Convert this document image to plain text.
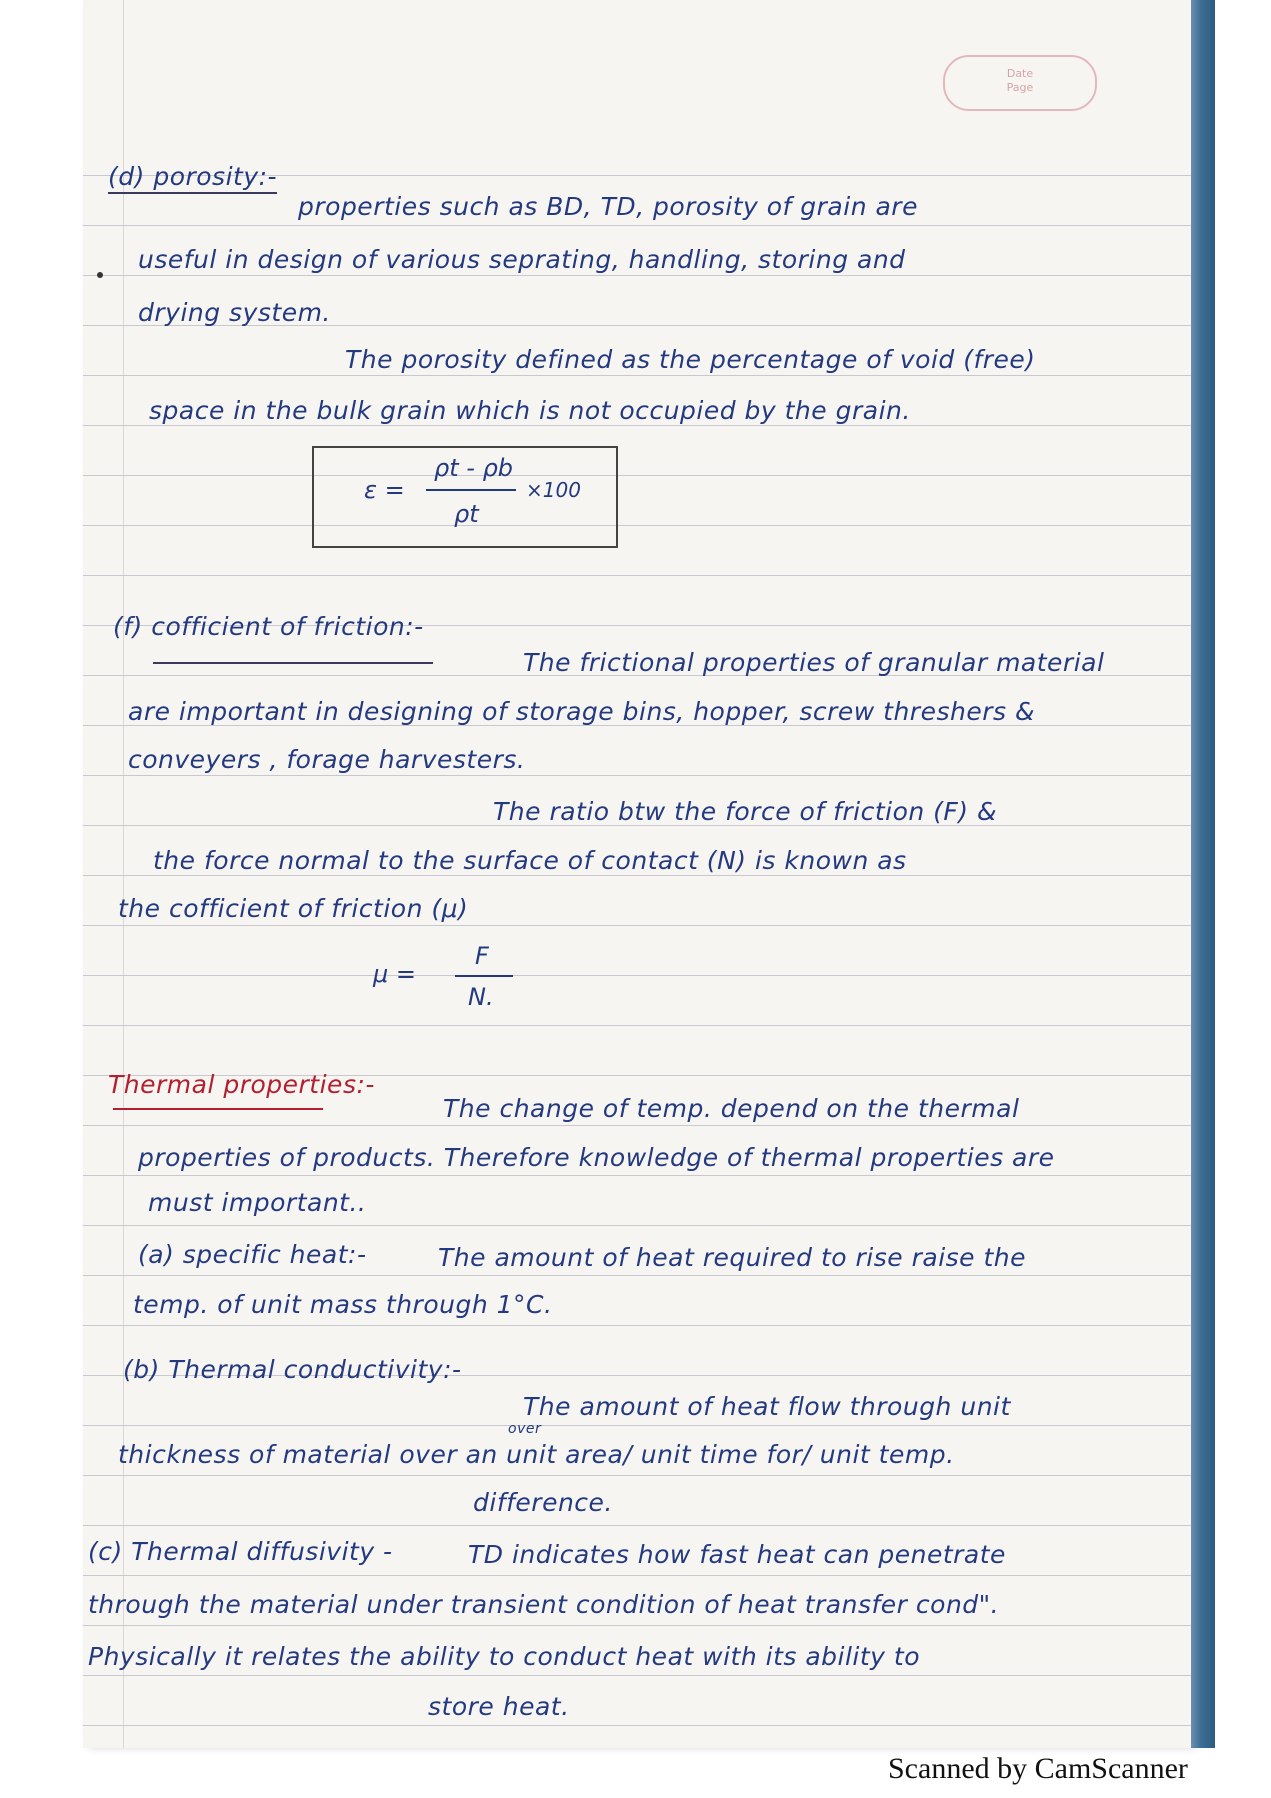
Date
Page
(d) porosity:-
properties such as BD, TD, porosity of grain are
useful in design of various seprating, handling, storing and
drying system.
The porosity defined as the percentage of void (free)
space in the bulk grain which is not occupied by the grain.
ε =
ρt - ρb
ρt
×100
(f) cofficient of friction:-
The frictional properties of granular material
are important in designing of storage bins, hopper, screw threshers &
conveyers , forage harvesters.
The ratio btw the force of friction (F) &
the force normal to the surface of contact (N) is known as
the cofficient of friction (μ)
μ =
F
N.
Thermal properties:-
The change of temp. depend on the thermal
properties of products. Therefore knowledge of thermal properties are
must important..
(a) specific heat:-	The amount of heat required to rise raise the
temp. of unit mass through 1°C.
(b) Thermal conductivity:-
The amount of heat flow through unit
over
thickness of material over an unit area/ unit time for/ unit temp.
difference.
(c) Thermal diffusivity -	TD indicates how fast heat can penetrate
through the material under transient condition of heat transfer cond".
Physically it relates the ability to conduct heat with its ability to
store heat.
Scanned by CamScanner
